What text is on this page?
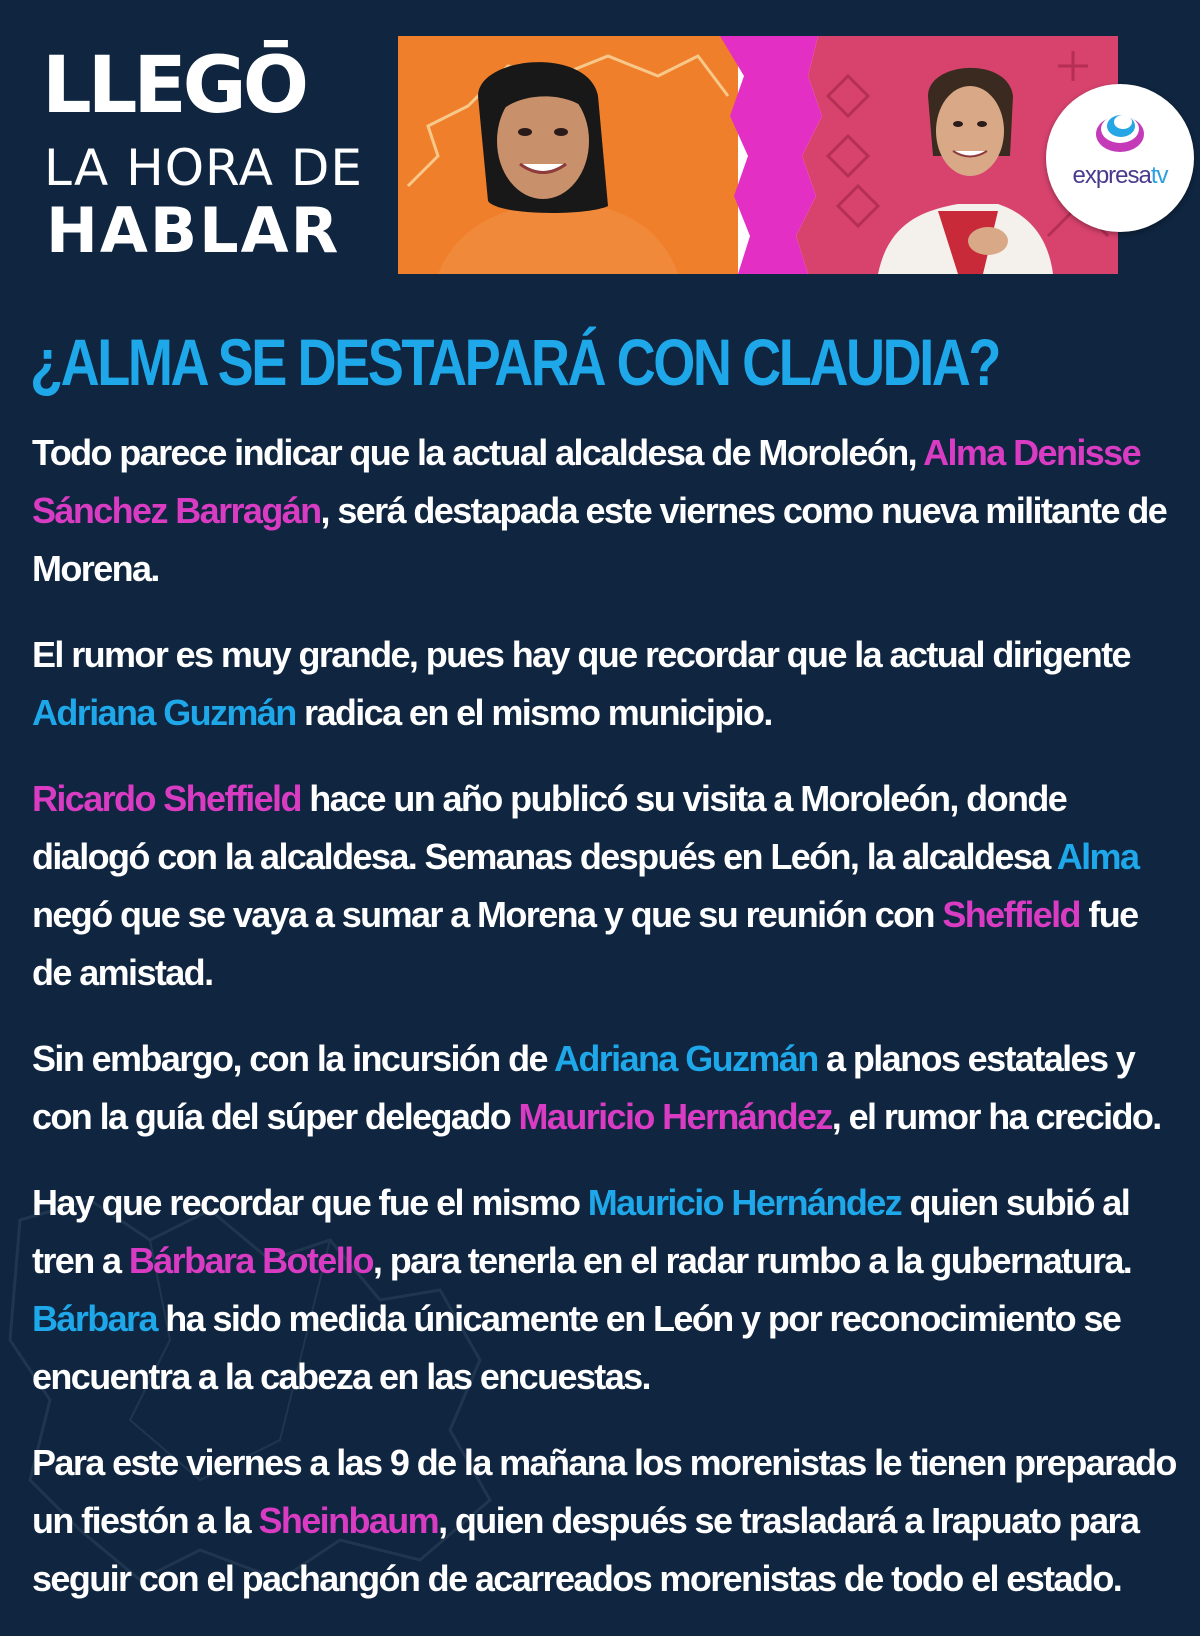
LLEGŌ
LA HORA DE
HABLAR
expresatv
¿ALMA SE DESTAPARÁ CON CLAUDIA?

Todo parece indicar que la actual alcaldesa de Moroleón, Alma Denisse Sánchez Barragán, será destapada este viernes como nueva militante de Morena.

El rumor es muy grande, pues hay que recordar que la actual dirigente Adriana Guzmán radica en el mismo municipio.

Ricardo Sheffield hace un año publicó su visita a Moroleón, donde dialogó con la alcaldesa. Semanas después en León, la alcaldesa Alma negó que se vaya a sumar a Morena y que su reunión con Sheffield fue de amistad.

Sin embargo, con la incursión de Adriana Guzmán a planos estatales y con la guía del súper delegado Mauricio Hernández, el rumor ha crecido.

Hay que recordar que fue el mismo Mauricio Hernández quien subió al tren a Bárbara Botello, para tenerla en el radar rumbo a la gubernatura. Bárbara ha sido medida únicamente en León y por reconocimiento se encuentra a la cabeza en las encuestas.

Para este viernes a las 9 de la mañana los morenistas le tienen preparado un fiestón a la Sheinbaum, quien después se trasladará a Irapuato para seguir con el pachangón de acarreados morenistas de todo el estado.
